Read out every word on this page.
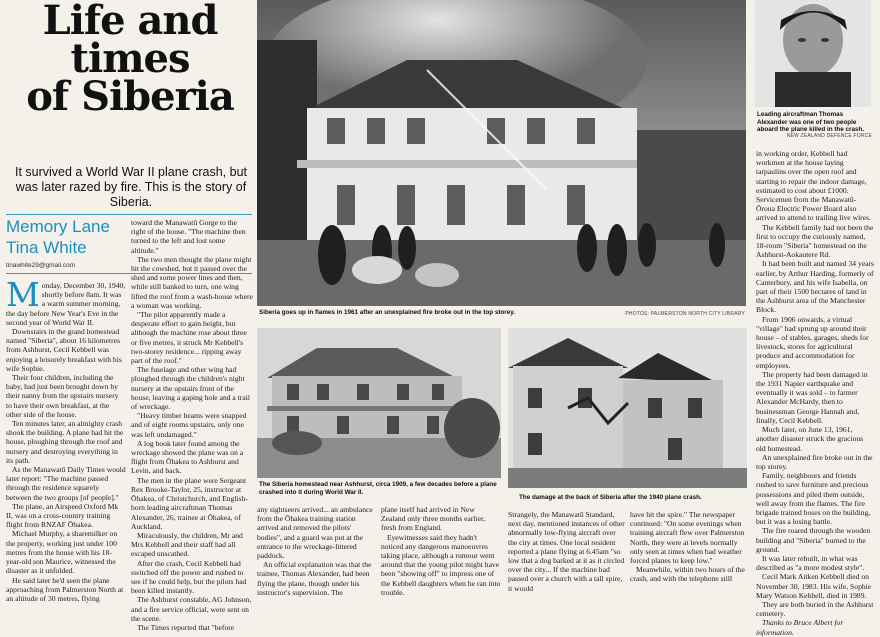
Life and
times
of Siberia
It survived a World War II plane crash, but was later razed by fire. This is the story of Siberia.
Memory Lane
Tina White
tinawhite29@gmail.com

Monday, December 30, 1940, shortly before 8am. It was a warm summer morning, the day before New Year's Eve in the second year of World War II.

Downstairs in the grand homestead named "Siberia", about 16 kilometres from Ashhurst, Cecil Kebbell was enjoying a leisurely breakfast with his wife Sophie.

Their four children, including the baby, had just been brought down by their nanny from the upstairs nursery to have their own breakfast, at the other side of the house.

Ten minutes later, an almighty crash shook the building. A plane had hit the house, ploughing through the roof and nursery and destroying everything in its path.

As the Manawatū Daily Times would later report: "The machine passed through the residence squarely between the two groups [of people]."

The plane, an Airspeed Oxford Mk II, was on a cross-country training flight from RNZAF Ōhakea.

Michael Murphy, a sharemilker on the property, working just under 100 metres from the house with his 18-year-old son Maurice, witnessed the disaster as it unfolded.

He said later he'd seen the plane approaching from Palmerston North at an altitude of 30 metres, flying

toward the Manawatū Gorge to the right of the house. "The machine then turned to the left and lost some altitude."

The two men thought the plane might hit the cowshed, but it passed over the shed and some power lines and then, while still banked to turn, one wing lifted the roof from a wash-house where a woman was working.

"The pilot apparently made a desperate effort to gain height, but although the machine rose about three or five metres, it struck Mr Kebbell's two-storey residence... ripping away part of the roof."

The fuselage and other wing had ploughed through the children's night nursery at the upstairs front of the house, leaving a gaping hole and a trail of wreckage.

"Heavy timber beams were snapped and of eight rooms upstairs, only one was left undamaged."

A log book later found among the wreckage showed the plane was on a flight from Ōhakea to Ashhurst and Levin, and back.

The men in the plane were Sergeant Rex Brooke-Taylor, 25, instructor at Ōhakea, of Christchurch, and English-born leading aircraftman Thomas Alexander, 26, trainee at Ōhakea, of Auckland.

Miraculously, the children, Mr and Mrs Kebbell and their staff had all escaped unscathed.

After the crash, Cecil Kebbell had switched off the power and rushed to see if he could help, but the pilots had been killed instantly.

The Ashhurst constable, AG Johnson, and a fire service official, were sent on the scene.

The Times reported that "before

Siberia goes up in flames in 1961 after an unexplained fire broke out in the top storey.	PHOTOS: PALMERSTON NORTH CITY LIBRARY
Leading aircraftman Thomas Alexander was one of two people aboard the plane killed in the crash.
NEW ZEALAND DEFENCE FORCE
The Siberia homestead near Ashhurst, circa 1909, a few decades before a plane crashed into it during World War II.
The damage at the back of Siberia after the 1940 plane crash.

any sightseers arrived... an ambulance from the Ōhakea training station arrived and removed the pilots' bodies", and a guard was put at the entrance to the wreckage-littered paddock.

An official explanation was that the trainee, Thomas Alexander, had been flying the plane, though under his instructor's supervision. The

plane itself had arrived in New Zealand only three months earlier, fresh from England.

Eyewitnesses said they hadn't noticed any dangerous manoeuvres taking place, although a rumour went around that the young pilot might have been "showing off" to impress one of the Kebbell daughters when he ran into trouble.

Strangely, the Manawatū Standard, next day, mentioned instances of other abnormally low-flying aircraft over the city at times. One local resident reported a plane flying at 6.45am "so low that a dog barked at it as it circled over the city... If the machine had passed over a church with a tall spire, it would

have hit the spire." The newspaper continued: "On some evenings when training aircraft flew over Palmerston North, they were at levels normally only seen at times when bad weather forced planes to keep low."

Meanwhile, within two hours of the crash, and with the telephone still

in working order, Kebbell had workmen at the house laying tarpaulins over the open roof and starting to repair the indoor damage, estimated to cost about £1000. Servicemen from the Manawatū-Ōroua Electric Power Board also arrived to attend to trailing live wires.

The Kebbell family had not been the first to occupy the curiously named, 18-room "Siberia" homestead on the Ashhurst-Aokautere Rd.

It had been built and named 34 years earlier, by Arthur Harding, formerly of Canterbury, and his wife Isabella, on part of their 1500 hectares of land in the Ashhurst area of the Manchester Block.

From 1906 onwards, a virtual "village" had sprung up around their house – of stables, garages, sheds for livestock, stores for agricultural produce and accommodation for employees.

The property had been damaged in the 1931 Napier earthquake and eventually it was sold – to farmer Alexander McHardy, then to businessman George Hannah and, finally, Cecil Kebbell.

Much later, on June 13, 1961, another disaster struck the gracious old homestead.

An unexplained fire broke out in the top storey.

Family, neighbours and friends rushed to save furniture and precious possessions and piled them outside, well away from the flames. The fire brigade trained hoses on the building, but it was a losing battle.

The fire roared through the wooden building and "Siberia" burned to the ground.

It was later rebuilt, in what was described as "a more modest style".

Cecil Mark Aitken Kebbell died on November 30, 1983. His wife, Sophie Mary Watson Kebbell, died in 1989.

They are both buried in the Ashhurst cemetery.

Thanks to Bruce Albert for information.
